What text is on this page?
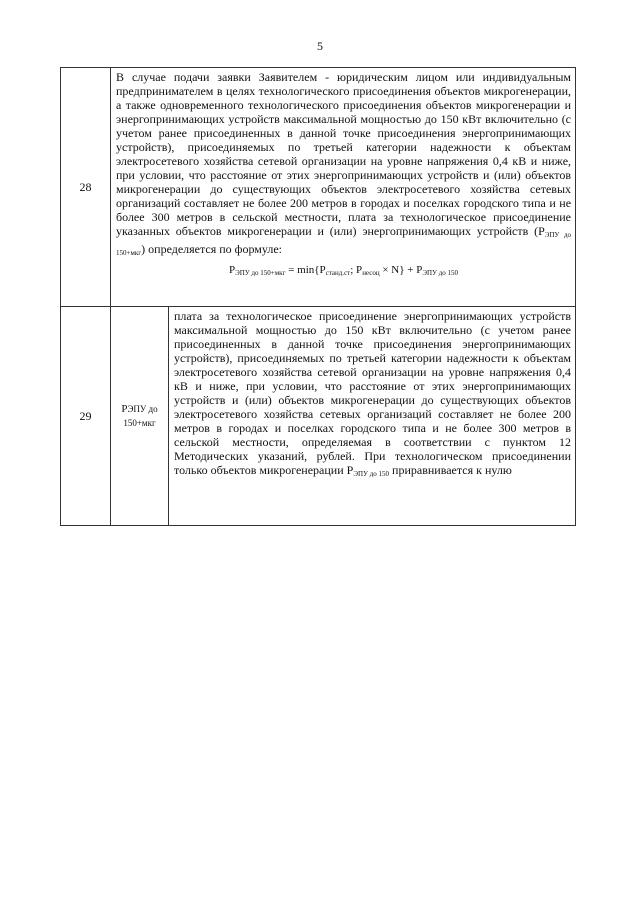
5
28	В случае подачи заявки Заявителем - юридическим лицом или индивидуальным предпринимателем в целях технологического присоединения объектов микрогенерации, а также одновременного технологического присоединения объектов микрогенерации и энергопринимающих устройств максимальной мощностью до 150 кВт включительно (с учетом ранее присоединенных в данной точке присоединения энергопринимающих устройств), присоединяемых по третьей категории надежности к объектам электросетевого хозяйства сетевой организации на уровне напряжения 0,4 кВ и ниже, при условии, что расстояние от этих энергопринимающих устройств и (или) объектов микрогенерации до существующих объектов электросетевого хозяйства сетевых организаций составляет не более 200 метров в городах и поселках городского типа и не более 300 метров в сельской местности, плата за технологическое присоединение указанных объектов микрогенерации и (или) энергопринимающих устройств $(P_{ЭПУ до 150+мкг})$ определяется по формуле:
$P_{ЭПУ до 150+мкг} = \min\{P_{станд.ст}$; $P_{несоц} \times N\} + P_{ЭПУ до 150}$

29	PЭПУ до
150+мкг	плата за технологическое присоединение энергопринимающих устройств максимальной мощностью до 150 кВт включительно (с учетом ранее присоединенных в данной точке присоединения энергопринимающих устройств), присоединяемых по третьей категории надежности к объектам электросетевого хозяйства сетевой организации на уровне напряжения 0,4 кВ и ниже, при условии, что расстояние от этих энергопринимающих устройств и (или) объектов микрогенерации до существующих объектов электросетевого хозяйства сетевых организаций составляет не более 200 метров в городах и поселках городского типа и не более 300 метров в сельской местности, определяемая в соответствии с пунктом 12 Методических указаний, рублей. При технологическом присоединении только объектов микрогенерации $P_{ЭПУ до 150}$ приравнивается к нулю
